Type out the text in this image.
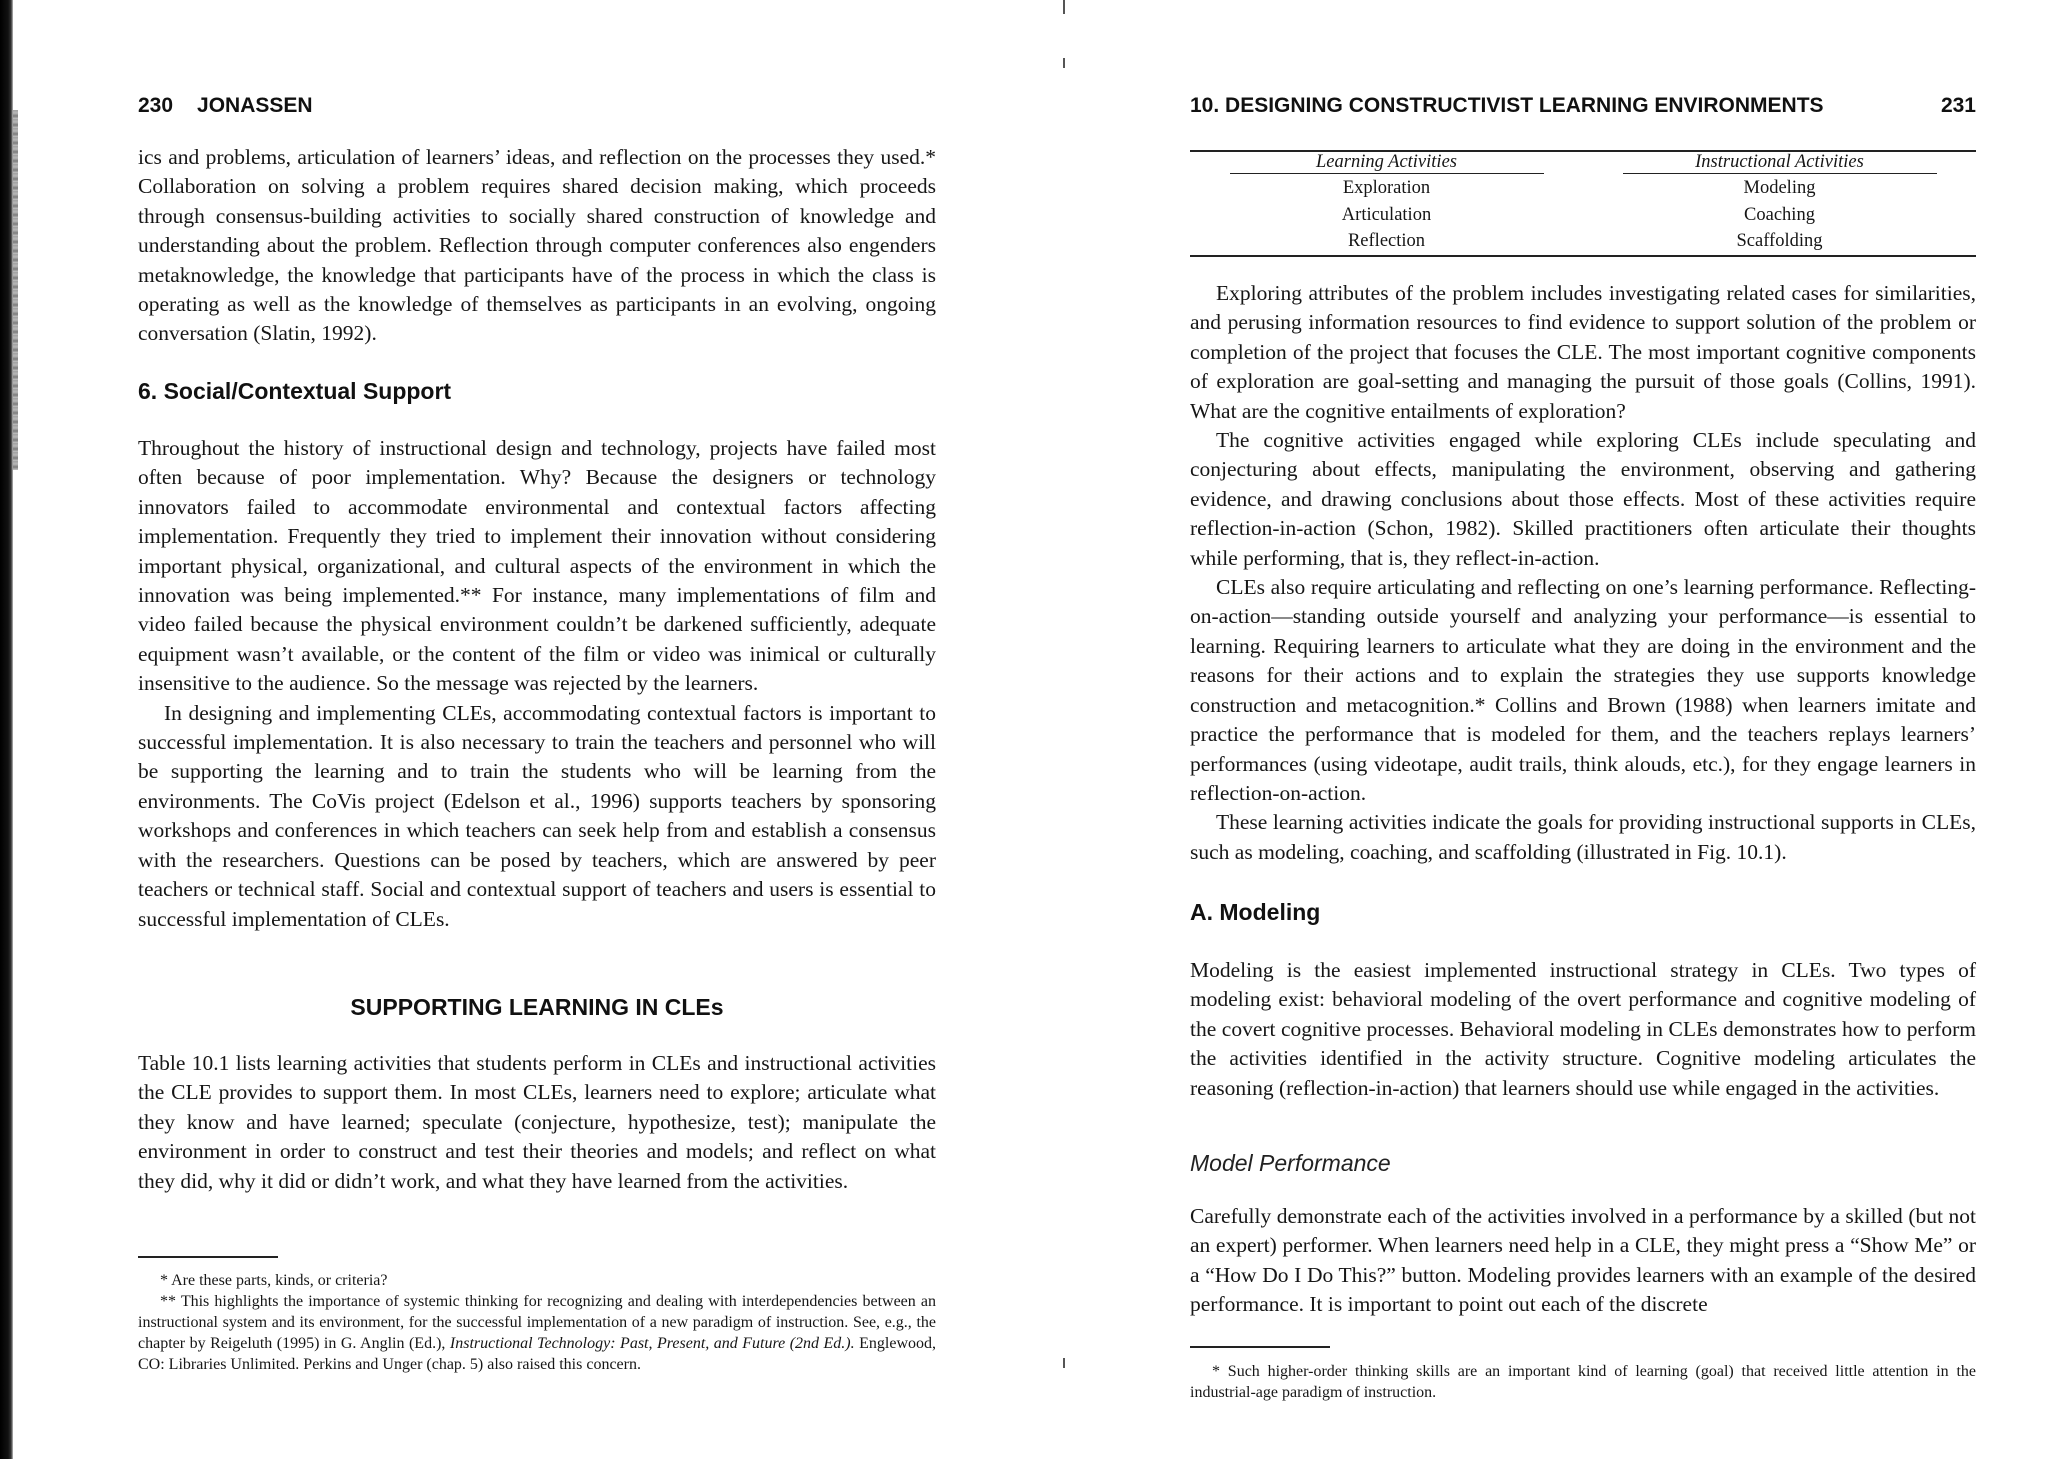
230 JONASSEN

ics and problems, articulation of learners’ ideas, and reflection on the processes they used.* Collaboration on solving a problem requires shared decision making, which proceeds through consensus-building activities to socially shared construction of knowledge and understanding about the problem. Reflection through computer conferences also engenders metaknowledge, the knowledge that participants have of the process in which the class is operating as well as the knowledge of themselves as participants in an evolving, ongoing conversation (Slatin, 1992).

6. Social/Contextual Support

Throughout the history of instructional design and technology, projects have failed most often because of poor implementation. Why? Because the designers or technology innovators failed to accommodate environmental and contextual factors affecting implementation. Frequently they tried to implement their innovation without considering important physical, organizational, and cultural aspects of the environment in which the innovation was being implemented.** For instance, many implementations of film and video failed because the physical environment couldn’t be darkened sufficiently, adequate equipment wasn’t available, or the content of the film or video was inimical or culturally insensitive to the audience. So the message was rejected by the learners.

In designing and implementing CLEs, accommodating contextual factors is important to successful implementation. It is also necessary to train the teachers and personnel who will be supporting the learning and to train the students who will be learning from the environments. The CoVis project (Edelson et al., 1996) supports teachers by sponsoring workshops and conferences in which teachers can seek help from and establish a consensus with the researchers. Questions can be posed by teachers, which are answered by peer teachers or technical staff. Social and contextual support of teachers and users is essential to successful implementation of CLEs.

SUPPORTING LEARNING IN CLEs

Table 10.1 lists learning activities that students perform in CLEs and instructional activities the CLE provides to support them. In most CLEs, learners need to explore; articulate what they know and have learned; speculate (conjecture, hypothesize, test); manipulate the environment in order to construct and test their theories and models; and reflect on what they did, why it did or didn’t work, and what they have learned from the activities.

* Are these parts, kinds, or criteria?

** This highlights the importance of systemic thinking for recognizing and dealing with interdependencies between an instructional system and its environment, for the successful implementation of a new paradigm of instruction. See, e.g., the chapter by Reigeluth (1995) in G. Anglin (Ed.), Instructional Technology: Past, Present, and Future (2nd Ed.). Englewood, CO: Libraries Unlimited. Perkins and Unger (chap. 5) also raised this concern.

10. DESIGNING CONSTRUCTIVIST LEARNING ENVIRONMENTS	231
Learning Activities	Instructional Activities
Exploration	Modeling
Articulation	Coaching
Reflection	Scaffolding

Exploring attributes of the problem includes investigating related cases for similarities, and perusing information resources to find evidence to support solution of the problem or completion of the project that focuses the CLE. The most important cognitive components of exploration are goal-setting and managing the pursuit of those goals (Collins, 1991). What are the cognitive entailments of exploration?

The cognitive activities engaged while exploring CLEs include speculating and conjecturing about effects, manipulating the environment, observing and gathering evidence, and drawing conclusions about those effects. Most of these activities require reflection-in-action (Schon, 1982). Skilled practitioners often articulate their thoughts while performing, that is, they reflect-in-action.

CLEs also require articulating and reflecting on one’s learning performance. Reflecting-on-action—standing outside yourself and analyzing your performance—is essential to learning. Requiring learners to articulate what they are doing in the environment and the reasons for their actions and to explain the strategies they use supports knowledge construction and metacognition.* Collins and Brown (1988) when learners imitate and practice the performance that is modeled for them, and the teachers replays learners’ performances (using videotape, audit trails, think alouds, etc.), for they engage learners in reflection-on-action.

These learning activities indicate the goals for providing instructional supports in CLEs, such as modeling, coaching, and scaffolding (illustrated in Fig. 10.1).

A. Modeling

Modeling is the easiest implemented instructional strategy in CLEs. Two types of modeling exist: behavioral modeling of the overt performance and cognitive modeling of the covert cognitive processes. Behavioral modeling in CLEs demonstrates how to perform the activities identified in the activity structure. Cognitive modeling articulates the reasoning (reflection-in-action) that learners should use while engaged in the activities.

Model Performance

Carefully demonstrate each of the activities involved in a performance by a skilled (but not an expert) performer. When learners need help in a CLE, they might press a “Show Me” or a “How Do I Do This?” button. Modeling provides learners with an example of the desired performance. It is important to point out each of the discrete

* Such higher-order thinking skills are an important kind of learning (goal) that received little attention in the industrial-age paradigm of instruction.
